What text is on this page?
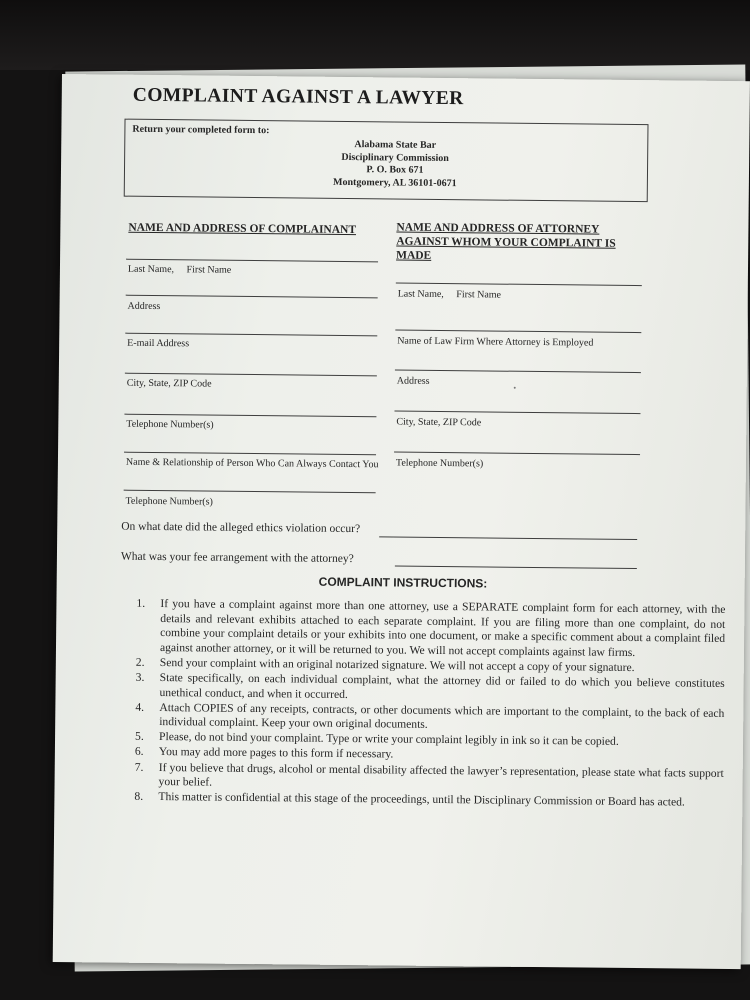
COMPLAINT AGAINST A LAWYER
Return your completed form to:
Alabama State Bar
Disciplinary Commission
P. O. Box 671
Montgomery, AL 36101-0671
NAME AND ADDRESS OF COMPLAINANT
Last Name,     First Name
Address
E-mail Address
City, State, ZIP Code
Telephone Number(s)
Name & Relationship of Person Who Can Always Contact You
Telephone Number(s)
NAME AND ADDRESS OF ATTORNEY AGAINST WHOM YOUR COMPLAINT IS MADE
Last Name,     First Name
Name of Law Firm Where Attorney is Employed
Address
City, State, ZIP Code
Telephone Number(s)
On what date did the alleged ethics violation occur?
What was your fee arrangement with the attorney?
COMPLAINT INSTRUCTIONS:
1. If you have a complaint against more than one attorney, use a SEPARATE complaint form for each attorney, with the details and relevant exhibits attached to each separate complaint. If you are filing more than one complaint, do not combine your complaint details or your exhibits into one document, or make a specific comment about a complaint filed against another attorney, or it will be returned to you. We will not accept complaints against law firms.
2. Send your complaint with an original notarized signature. We will not accept a copy of your signature.
3. State specifically, on each individual complaint, what the attorney did or failed to do which you believe constitutes unethical conduct, and when it occurred.
4. Attach COPIES of any receipts, contracts, or other documents which are important to the complaint, to the back of each individual complaint. Keep your own original documents.
5. Please, do not bind your complaint. Type or write your complaint legibly in ink so it can be copied.
6. You may add more pages to this form if necessary.
7. If you believe that drugs, alcohol or mental disability affected the lawyer’s representation, please state what facts support your belief.
8. This matter is confidential at this stage of the proceedings, until the Disciplinary Commission or Board has acted.
